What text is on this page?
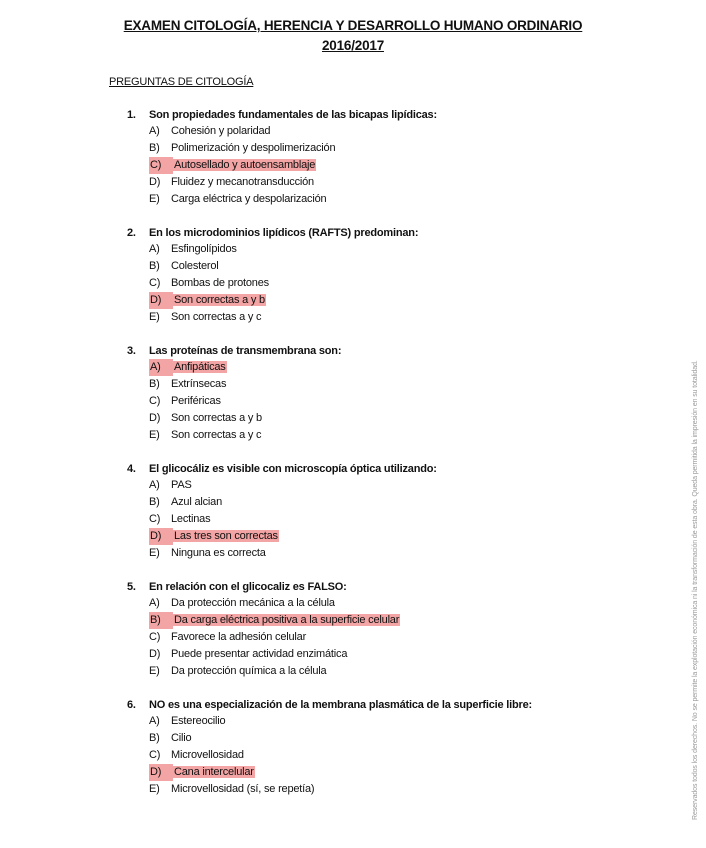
EXAMEN CITOLOGÍA, HERENCIA Y DESARROLLO HUMANO ORDINARIO
2016/2017
PREGUNTAS DE CITOLOGÍA
1.	Son propiedades fundamentales de las bicapas lipídicas:
A) Cohesión y polaridad
B) Polimerización y despolimerización
C) Autosellado y autoensamblaje
D) Fluidez y mecanotransducción
E) Carga eléctrica y despolarización
2.	En los microdominios lipídicos (RAFTS) predominan:
A) Esfingolípidos
B) Colesterol
C) Bombas de protones
D) Son correctas a y b
E) Son correctas a y c
3.	Las proteínas de transmembrana son:
A) Anfipáticas
B) Extrínsecas
C) Periféricas
D) Son correctas a y b
E) Son correctas a y c
4.	El glicocáliz es visible con microscopía óptica utilizando:
A) PAS
B) Azul alcian
C) Lectinas
D) Las tres son correctas
E) Ninguna es correcta
5.	En relación con el glicocaliz es FALSO:
A) Da protección mecánica a la célula
B) Da carga eléctrica positiva a la superficie celular
C) Favorece la adhesión celular
D) Puede presentar actividad enzimática
E) Da protección química a la célula
6.	NO es una especialización de la membrana plasmática de la superficie libre:
A) Estereocilio
B) Cilio
C) Microvellosidad
D) Cana intercelular
E) Microvellosidad (sí, se repetía)	Reservados todos los derechos. No se permite la explotación económica ni la transformación de esta obra. Queda permitida la impresión en su totalidad.
